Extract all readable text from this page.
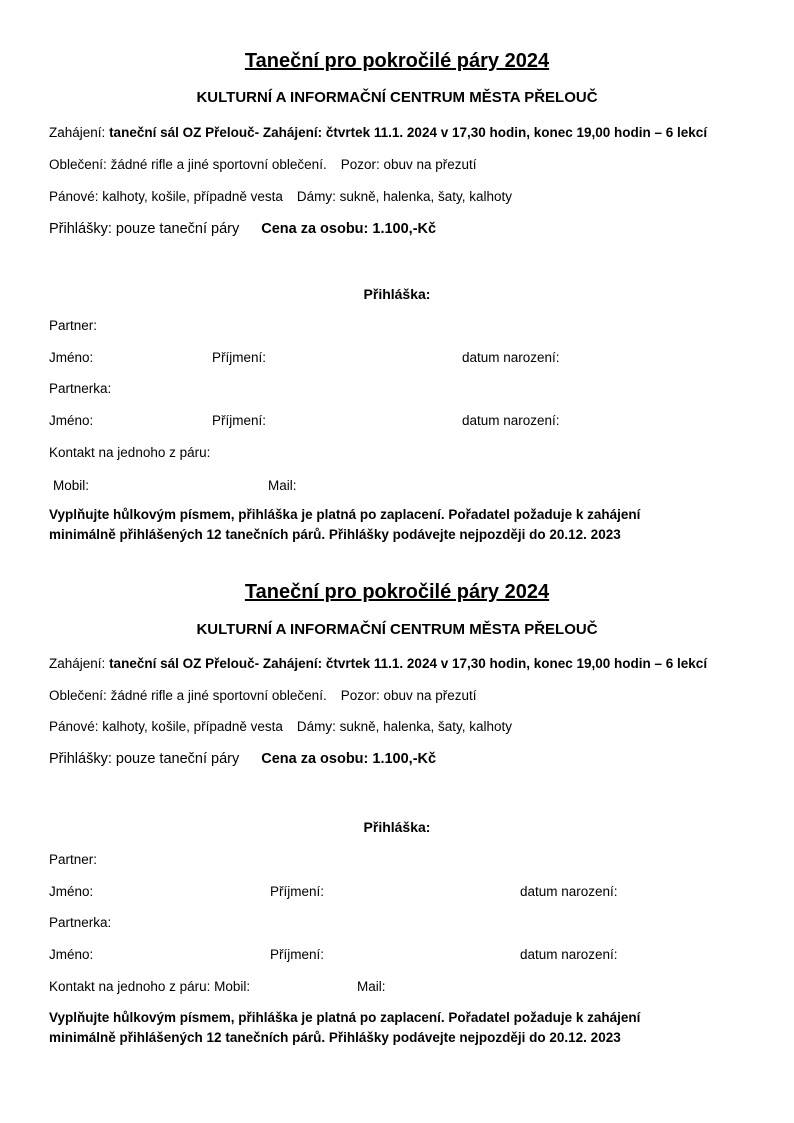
Taneční pro pokročilé páry 2024
KULTURNÍ A INFORMAČNÍ CENTRUM MĚSTA PŘELOUČ
Zahájení: taneční sál OZ Přelouč- Zahájení: čtvrtek 11.1. 2024 v 17,30 hodin, konec 19,00 hodin – 6 lekcí
Oblečení: žádné rifle a jiné sportovní oblečení. Pozor: obuv na přezutí
Pánové: kalhoty, košile, případně vesta Dámy: sukně, halenka, šaty, kalhoty
Přihlášky: pouze taneční páry Cena za osobu: 1.100,-Kč
Přihláška:
Partner:
Jméno:	Příjmení:	datum narození:
Partnerka:
Jméno:	Příjmení:	datum narození:
Kontakt na jednoho z páru:
Mobil:	Mail:
Vyplňujte hůlkovým písmem, přihláška je platná po zaplacení. Pořadatel požaduje k zahájení
minimálně přihlášených 12 tanečních párů. Přihlášky podávejte nejpozději do 20.12. 2023
Taneční pro pokročilé páry 2024
KULTURNÍ A INFORMAČNÍ CENTRUM MĚSTA PŘELOUČ
Zahájení: taneční sál OZ Přelouč- Zahájení: čtvrtek 11.1. 2024 v 17,30 hodin, konec 19,00 hodin – 6 lekcí
Oblečení: žádné rifle a jiné sportovní oblečení. Pozor: obuv na přezutí
Pánové: kalhoty, košile, případně vesta Dámy: sukně, halenka, šaty, kalhoty
Přihlášky: pouze taneční páry Cena za osobu: 1.100,-Kč
Přihláška:
Partner:
Jméno:	Příjmení:	datum narození:
Partnerka:
Jméno:	Příjmení:	datum narození:
Kontakt na jednoho z páru: Mobil:	Mail:
Vyplňujte hůlkovým písmem, přihláška je platná po zaplacení. Pořadatel požaduje k zahájení
minimálně přihlášených 12 tanečních párů. Přihlášky podávejte nejpozději do 20.12. 2023
